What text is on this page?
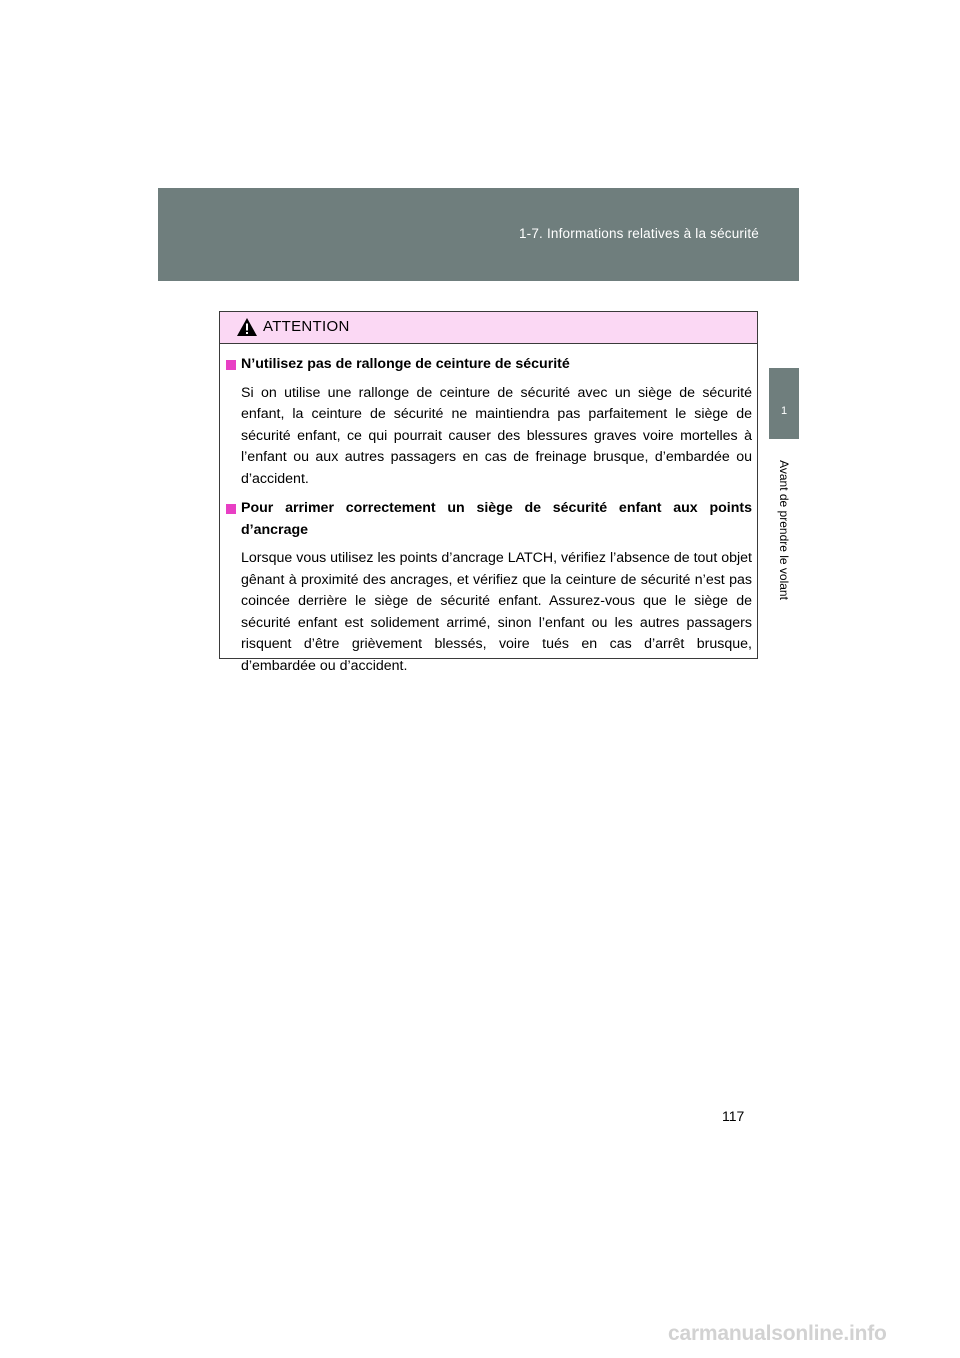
1-7. Informations relatives à la sécurité
1
Avant de prendre le volant
ATTENTION
N’utilisez pas de rallonge de ceinture de sécurité
Si on utilise une rallonge de ceinture de sécurité avec un siège de sécurité enfant, la ceinture de sécurité ne maintiendra pas parfaitement le siège de sécurité enfant, ce qui pourrait causer des blessures graves voire mortelles à l’enfant ou aux autres passagers en cas de freinage brusque, d’embardée ou d’accident.
Pour arrimer correctement un siège de sécurité enfant aux points d’ancrage
Lorsque vous utilisez les points d’ancrage LATCH, vérifiez l’absence de tout objet gênant à proximité des ancrages, et vérifiez que la ceinture de sécurité n’est pas coincée derrière le siège de sécurité enfant. Assurez-vous que le siège de sécurité enfant est solidement arrimé, sinon l’enfant ou les autres passagers risquent d’être grièvement blessés, voire tués en cas d’arrêt brusque, d’embardée ou d’accident.
117
carmanualsonline.info
